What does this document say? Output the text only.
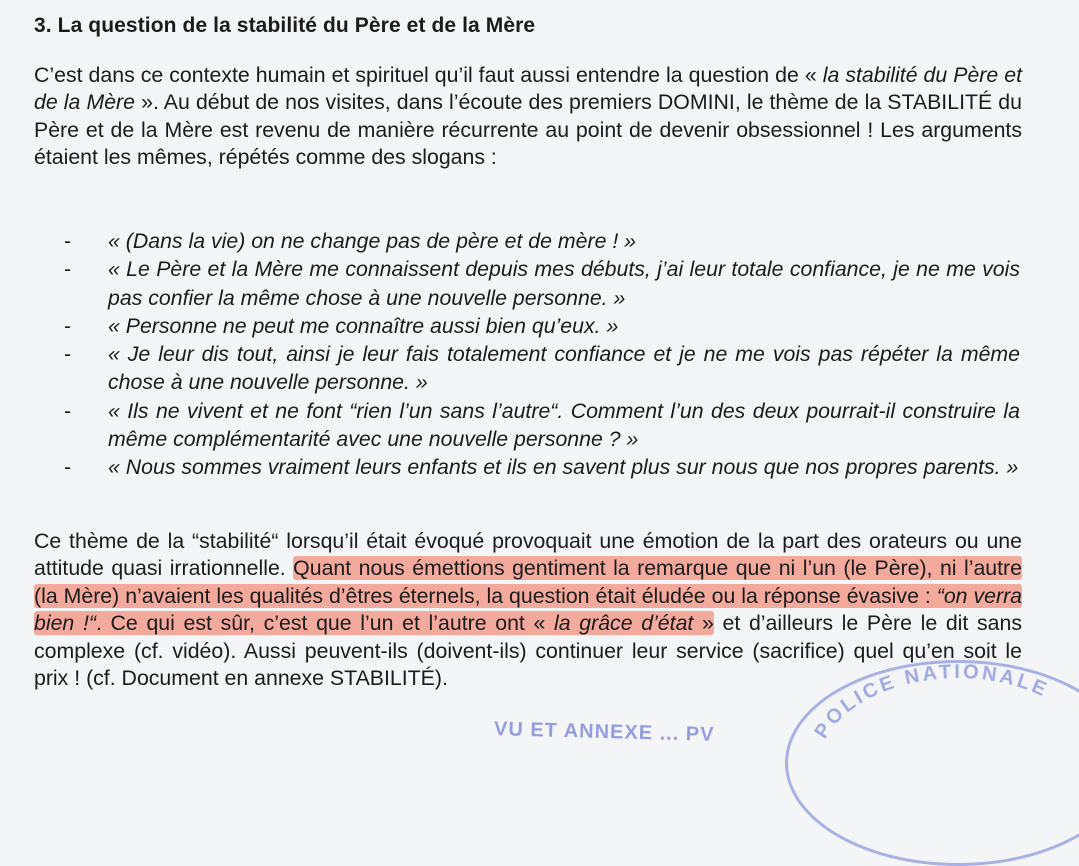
3. La question de la stabilité du Père et de la Mère

C’est dans ce contexte humain et spirituel qu’il faut aussi entendre la question de « la stabilité du Père et de la Mère ». Au début de nos visites, dans l’écoute des premiers DOMINI, le thème de la STABILITÉ du Père et de la Mère est revenu de manière récurrente au point de devenir obsessionnel ! Les arguments étaient les mêmes, répétés comme des slogans :

- « (Dans la vie) on ne change pas de père et de mère ! »
- « Le Père et la Mère me connaissent depuis mes débuts, j’ai leur totale confiance, je ne me vois pas confier la même chose à une nouvelle personne. »
- « Personne ne peut me connaître aussi bien qu’eux. »
- « Je leur dis tout, ainsi je leur fais totalement confiance et je ne me vois pas répéter la même chose à une nouvelle personne. »
- « Ils ne vivent et ne font “rien l’un sans l’autre“. Comment l’un des deux pourrait-il construire la même complémentarité avec une nouvelle personne ? »
- « Nous sommes vraiment leurs enfants et ils en savent plus sur nous que nos propres parents. »

Ce thème de la “stabilité“ lorsqu’il était évoqué provoquait une émotion de la part des orateurs ou une attitude quasi irrationnelle. Quant nous émettions gentiment la remarque que ni l’un (le Père), ni l’autre (la Mère) n’avaient les qualités d’êtres éternels, la question était éludée ou la réponse évasive : “on verra bien !“. Ce qui est sûr, c’est que l’un et l’autre ont « la grâce d’état » et d’ailleurs le Père le dit sans complexe (cf. vidéo). Aussi peuvent-ils (doivent-ils) continuer leur service (sacrifice) quel qu’en soit le prix ! (cf. Document en annexe STABILITÉ).

VU ET ANNEXE ... PV	POLICE NATIONALE
